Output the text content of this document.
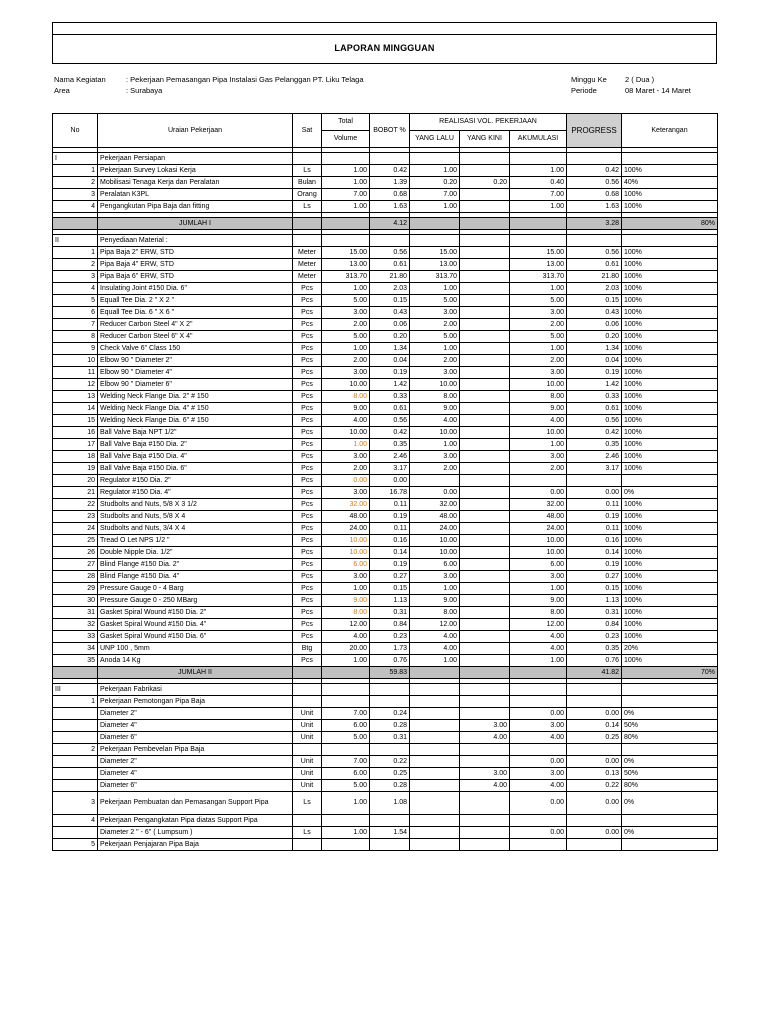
LAPORAN MINGGUAN
Nama Kegiatan
Area
: Pekerjaan Pemasangan Pipa Instalasi Gas Pelanggan PT. Liku Telaga
: Surabaya
Minggu Ke
Periode
2 ( Dua )
08 Maret - 14 Maret
No	Uraian Pekerjaan	Sat	Total	BOBOT %	REALISASI VOL. PEKERJAAN			PROGRESS	Keterangan
			Volume		YANG LALU	YANG KINI	AKUMULASI		

I	Pekerjaan Persiapan								
1	Pekerjaan Survey Lokasi Kerja	Ls	1.00	0.42	1.00		1.00	0.42	100%
2	Mobilisasi Tenaga Kerja dan Peralatan	Bulan	1.00	1.39	0.20	0.20	0.40	0.56	40%
3	Peralatan K3PL	Orang	7.00	0.68	7.00		7.00	0.68	100%
4	Pengangkutan Pipa Baja dan fitting	Ls	1.00	1.63	1.00		1.00	1.63	100%

	JUMLAH I			4.12				3.28	80%

II	Penyediaan Material :								
1	Pipa Baja 2" ERW, STD	Meter	15.00	0.56	15.00		15.00	0.56	100%
2	Pipa Baja 4" ERW, STD	Meter	13.00	0.61	13.00		13.00	0.61	100%
3	Pipa Baja 6" ERW, STD	Meter	313.70	21.80	313.70		313.70	21.80	100%
4	Insulating Joint #150 Dia. 6"	Pcs	1.00	2.03	1.00		1.00	2.03	100%
5	Equall Tee Dia. 2 " X 2 "	Pcs	5.00	0.15	5.00		5.00	0.15	100%
6	Equall Tee Dia. 6 " X 6 "	Pcs	3.00	0.43	3.00		3.00	0.43	100%
7	Reducer Carbon Steel 4" X 2"	Pcs	2.00	0.06	2.00		2.00	0.06	100%
8	Reducer Carbon Steel 6" X 4"	Pcs	5.00	0.20	5.00		5.00	0.20	100%
9	Check Valve 6" Class 150	Pcs	1.00	1.34	1.00		1.00	1.34	100%
10	Elbow 90 " Diameter 2"	Pcs	2.00	0.04	2.00		2.00	0.04	100%
11	Elbow 90 " Diameter 4"	Pcs	3.00	0.19	3.00		3.00	0.19	100%
12	Elbow 90 " Diameter 6"	Pcs	10.00	1.42	10.00		10.00	1.42	100%
13	Welding Neck Flange Dia. 2" # 150	Pcs	8.00	0.33	8.00		8.00	0.33	100%
14	Welding Neck Flange Dia. 4" # 150	Pcs	9.00	0.61	9.00		9.00	0.61	100%
15	Welding Neck Flange Dia. 6" # 150	Pcs	4.00	0.56	4.00		4.00	0.56	100%
16	Ball Valve Baja NPT 1/2"	Pcs	10.00	0.42	10.00		10.00	0.42	100%
17	Ball Valve Baja #150 Dia. 2"	Pcs	1.00	0.35	1.00		1.00	0.35	100%
18	Ball Valve Baja #150 Dia. 4"	Pcs	3.00	2.46	3.00		3.00	2.46	100%
19	Ball Valve Baja #150 Dia. 6"	Pcs	2.00	3.17	2.00		2.00	3.17	100%
20	Regulator #150 Dia. 2"	Pcs	0.00	0.00					
21	Regulator #150 Dia. 4"	Pcs	3.00	16.78	0.00		0.00	0.00	0%
22	Studbolts and Nuts, 5/8 X 3 1/2	Pcs	32.00	0.11	32.00		32.00	0.11	100%
23	Studbolts and Nuts, 5/8 X 4	Pcs	48.00	0.19	48.00		48.00	0.19	100%
24	Studbolts and Nuts, 3/4 X 4	Pcs	24.00	0.11	24.00		24.00	0.11	100%
25	Tread O Let NPS 1/2 "	Pcs	10.00	0.16	10.00		10.00	0.16	100%
26	Double Nipple Dia. 1/2"	Pcs	10.00	0.14	10.00		10.00	0.14	100%
27	Blind Flange #150 Dia. 2"	Pcs	6.00	0.19	6.00		6.00	0.19	100%
28	Blind Flange #150 Dia. 4"	Pcs	3.00	0.27	3.00		3.00	0.27	100%
29	Pressure Gauge 0 - 4 Barg	Pcs	1.00	0.15	1.00		1.00	0.15	100%
30	Pressure Gauge 0 - 250 MBarg	Pcs	9.00	1.13	9.00		9.00	1.13	100%
31	Gasket Spiral Wound #150 Dia. 2"	Pcs	8.00	0.31	8.00		8.00	0.31	100%
32	Gasket Spiral Wound #150 Dia. 4"	Pcs	12.00	0.84	12.00		12.00	0.84	100%
33	Gasket Spiral Wound #150 Dia. 6"	Pcs	4.00	0.23	4.00		4.00	0.23	100%
34	UNP 100 , 5mm	Btg	20.00	1.73	4.00		4.00	0.35	20%
35	Anoda 14 Kg	Pcs	1.00	0.76	1.00		1.00	0.76	100%
	JUMLAH II			59.83				41.82	70%

III	Pekerjaan Fabrikasi								
1	Pekerjaan Pemotongan Pipa Baja								
	Diameter 2"	Unit	7.00	0.24			0.00	0.00	0%
	Diameter 4"	Unit	6.00	0.28		3.00	3.00	0.14	50%
	Diameter 6"	Unit	5.00	0.31		4.00	4.00	0.25	80%
2	Pekerjaan Pembevelan Pipa Baja								
	Diameter 2"	Unit	7.00	0.22			0.00	0.00	0%
	Diameter 4"	Unit	6.00	0.25		3.00	3.00	0.13	50%
	Diameter 6"	Unit	5.00	0.28		4.00	4.00	0.22	80%
3	Pekerjaan Pembuatan dan Pemasangan Support Pipa	Ls	1.00	1.08			0.00	0.00	0%
4	Pekerjaan Pengangkatan Pipa diatas Support Pipa								
	Diameter 2 " - 6" ( Lumpsum )	Ls	1.00	1.54			0.00	0.00	0%
5	Pekerjaan Penjajaran Pipa Baja								
